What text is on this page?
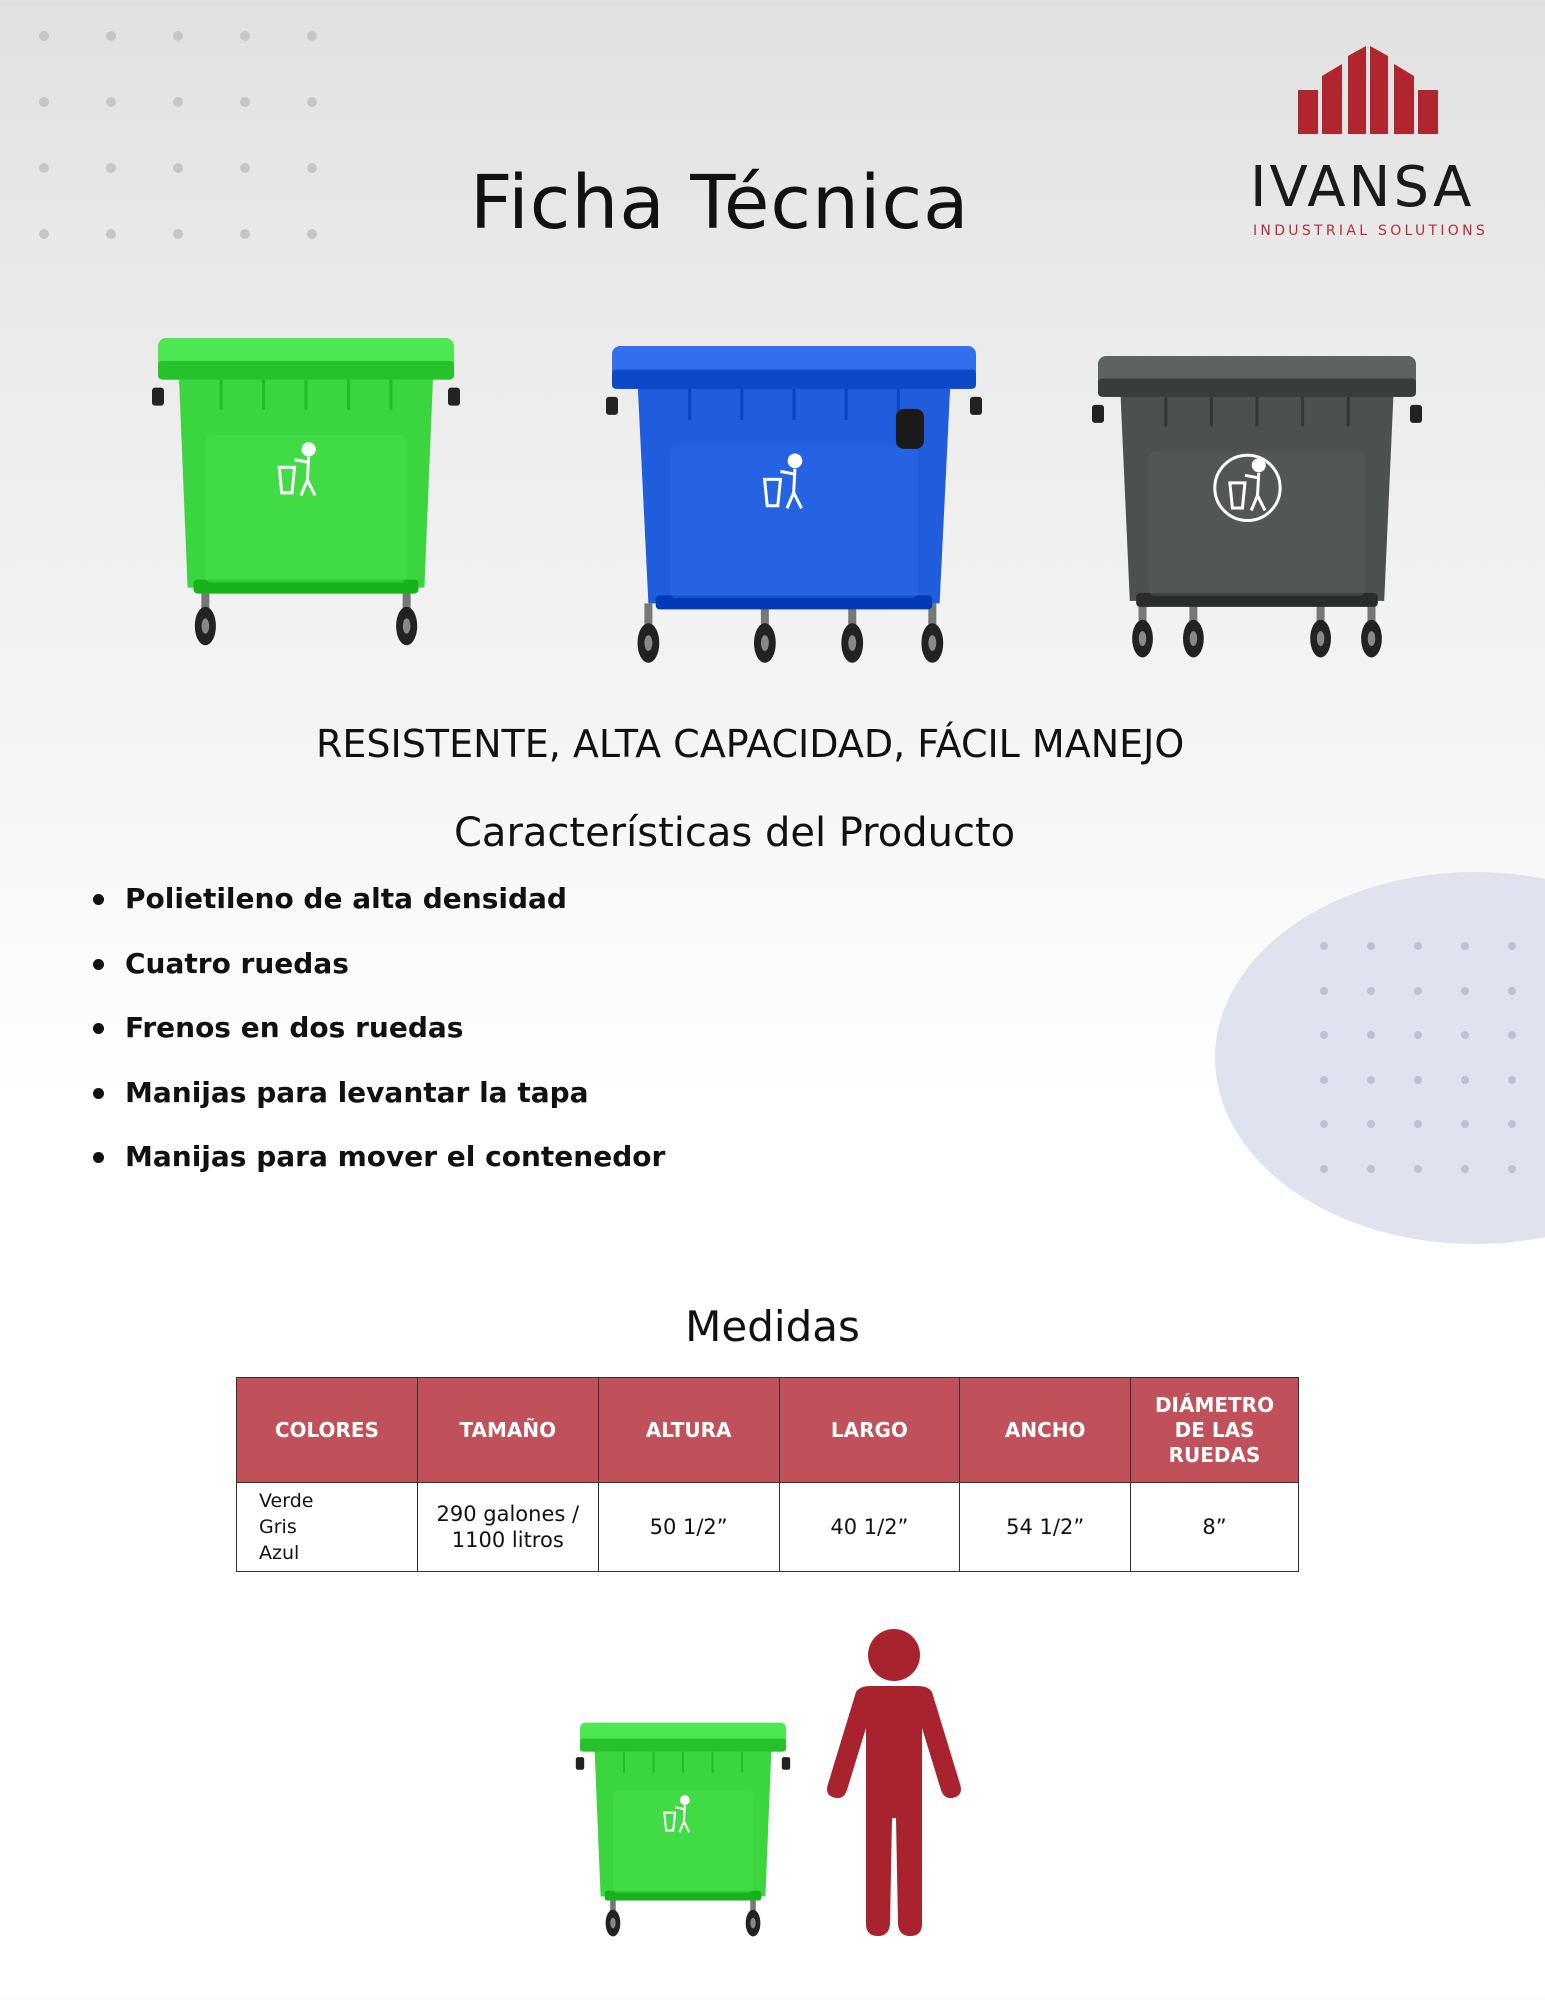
Ficha Técnica	IVANSA
INDUSTRIAL SOLUTIONS
RESISTENTE, ALTA CAPACIDAD, FÁCIL MANEJO
Características del Producto
Polietileno de alta densidad
Cuatro ruedas
Frenos en dos ruedas
Manijas para levantar la tapa
Manijas para mover el contenedor
Medidas
COLORES	TAMAÑO	ALTURA	LARGO	ANCHO	DIÁMETRO DE LAS RUEDAS

Verde
Gris
Azul	290 galones / 1100 litros	50 1/2”	40 1/2”	54 1/2”	8”
